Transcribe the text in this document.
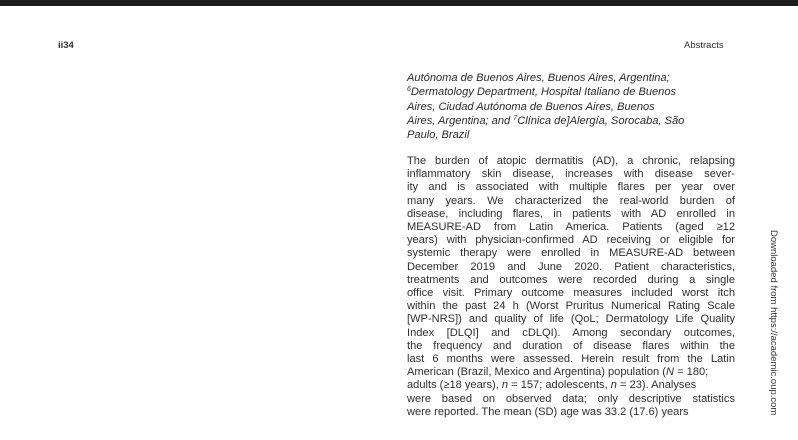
ii34	Abstracts
Autónoma de Buenos Aires, Buenos Aires, Argentina;
$^6$Dermatology Department, Hospital Italiano de Buenos
Aires, Ciudad Autónoma de Buenos Aires, Buenos
Aires, Argentina; and $^7$Clínica de]Alergía, Sorocaba, São
Paulo, Brazil
The burden of atopic dermatitis (AD), a chronic, relapsing
inflammatory skin disease, increases with disease sever-
ity and is associated with multiple flares per year over
many years. We characterized the real-world burden of
disease, including flares, in patients with AD enrolled in
MEASURE-AD from Latin America. Patients (aged ≥12
years) with physician-confirmed AD receiving or eligible for
systemic therapy were enrolled in MEASURE-AD between
December 2019 and June 2020. Patient characteristics,
treatments and outcomes were recorded during a single
office visit. Primary outcome measures included worst itch
within the past 24 h (Worst Pruritus Numerical Rating Scale
[WP-NRS]) and quality of life (QoL; Dermatology Life Quality
Index [DLQI] and cDLQI). Among secondary outcomes,
the frequency and duration of disease flares within the
last 6 months were assessed. Herein result from the Latin
American (Brazil, Mexico and Argentina) population (N = 180;
adults (≥18 years), n = 157; adolescents, n = 23). Analyses
were based on observed data; only descriptive statistics
were reported. The mean (SD) age was 33.2 (17.6) years	Downloaded from https://academic.oup.com
